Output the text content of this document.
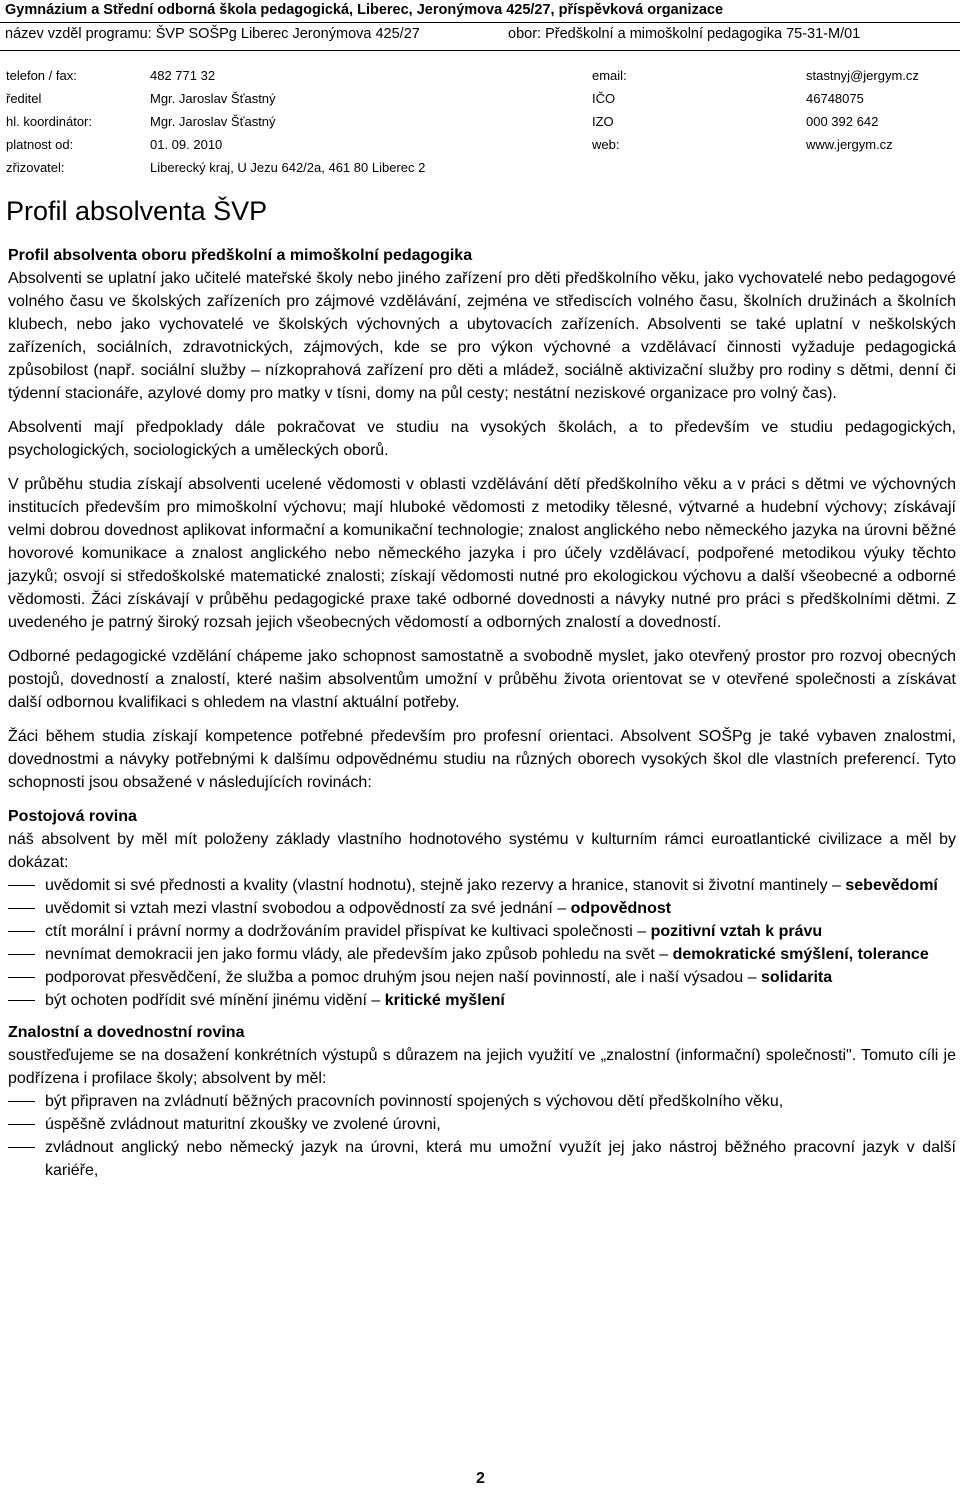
Gymnázium a Střední odborná škola pedagogická, Liberec, Jeronýmova 425/27, příspěvková organizace
název vzděl programu: ŠVP SOŠPg Liberec Jeronýmova 425/27	obor: Předškolní a mimoškolní pedagogika 75-31-M/01
telefon / fax:	482 771 32	email:	stastnyj@jergym.cz
ředitel	Mgr. Jaroslav Šťastný	IČO	46748075
hl. koordinátor:	Mgr. Jaroslav Šťastný	IZO	000 392 642
platnost od:	01. 09. 2010	web:	www.jergym.cz
zřizovatel:	Liberecký kraj, U Jezu 642/2a, 461 80 Liberec 2
Profil absolventa ŠVP

Profil absolventa oboru předškolní a mimoškolní pedagogika

Absolventi se uplatní jako učitelé mateřské školy nebo jiného zařízení pro děti předškolního věku, jako vychovatelé nebo pedagogové volného času ve školských zařízeních pro zájmové vzdělávání, zejména ve střediscích volného času, školních družinách a školních klubech, nebo jako vychovatelé ve školských výchovných a ubytovacích zařízeních. Absolventi se také uplatní v neškolských zařízeních, sociálních, zdravotnických, zájmových, kde se pro výkon výchovné a vzdělávací činnosti vyžaduje pedagogická způsobilost (např. sociální služby – nízkoprahová zařízení pro děti a mládež, sociálně aktivizační služby pro rodiny s dětmi, denní či týdenní stacionáře, azylové domy pro matky v tísni, domy na půl cesty; nestátní neziskové organizace pro volný čas).

Absolventi mají předpoklady dále pokračovat ve studiu na vysokých školách, a to především ve studiu pedagogických, psychologických, sociologických a uměleckých oborů.

V průběhu studia získají absolventi ucelené vědomosti v oblasti vzdělávání dětí předškolního věku a v práci s dětmi ve výchovných institucích především pro mimoškolní výchovu; mají hluboké vědomosti z metodiky tělesné, výtvarné a hudební výchovy; získávají velmi dobrou dovednost aplikovat informační a komunikační technologie; znalost anglického nebo německého jazyka na úrovni běžné hovorové komunikace a znalost anglického nebo německého jazyka i pro účely vzdělávací, podpořené metodikou výuky těchto jazyků; osvojí si středoškolské matematické znalosti; získají vědomosti nutné pro ekologickou výchovu a další všeobecné a odborné vědomosti. Žáci získávají v průběhu pedagogické praxe také odborné dovednosti a návyky nutné pro práci s předškolními dětmi. Z uvedeného je patrný široký rozsah jejich všeobecných vědomostí a odborných znalostí a dovedností.

Odborné pedagogické vzdělání chápeme jako schopnost samostatně a svobodně myslet, jako otevřený prostor pro rozvoj obecných postojů, dovedností a znalostí, které našim absolventům umožní v průběhu života orientovat se v otevřené společnosti a získávat další odbornou kvalifikaci s ohledem na vlastní aktuální potřeby.

Žáci během studia získají kompetence potřebné především pro profesní orientaci. Absolvent SOŠPg je také vybaven znalostmi, dovednostmi a návyky potřebnými k dalšímu odpovědnému studiu na různých oborech vysokých škol dle vlastních preferencí. Tyto schopnosti jsou obsažené v následujících rovinách:

Postojová rovina

náš absolvent by měl mít položeny základy vlastního hodnotového systému v kulturním rámci euroatlantické civilizace a měl by dokázat:

uvědomit si své přednosti a kvality (vlastní hodnotu), stejně jako rezervy a hranice, stanovit si životní mantinely – sebevědomí
uvědomit si vztah mezi vlastní svobodou a odpovědností za své jednání – odpovědnost
ctít morální i právní normy a dodržováním pravidel přispívat ke kultivaci společnosti – pozitivní vztah k právu
nevnímat demokracii jen jako formu vlády, ale především jako způsob pohledu na svět – demokratické smýšlení, tolerance
podporovat přesvědčení, že služba a pomoc druhým jsou nejen naší povinností, ale i naší výsadou – solidarita
být ochoten podřídit své mínění jinému vidění – kritické myšlení

Znalostní a dovednostní rovina

soustřeďujeme se na dosažení konkrétních výstupů s důrazem na jejich využití ve „znalostní (informační) společnosti". Tomuto cíli je podřízena i profilace školy; absolvent by měl:

být připraven na zvládnutí běžných pracovních povinností spojených s výchovou dětí předškolního věku,
úspěšně zvládnout maturitní zkoušky ve zvolené úrovni,
zvládnout anglický nebo německý jazyk na úrovni, která mu umožní využít jej jako nástroj běžného pracovní jazyk v další kariéře,
2
